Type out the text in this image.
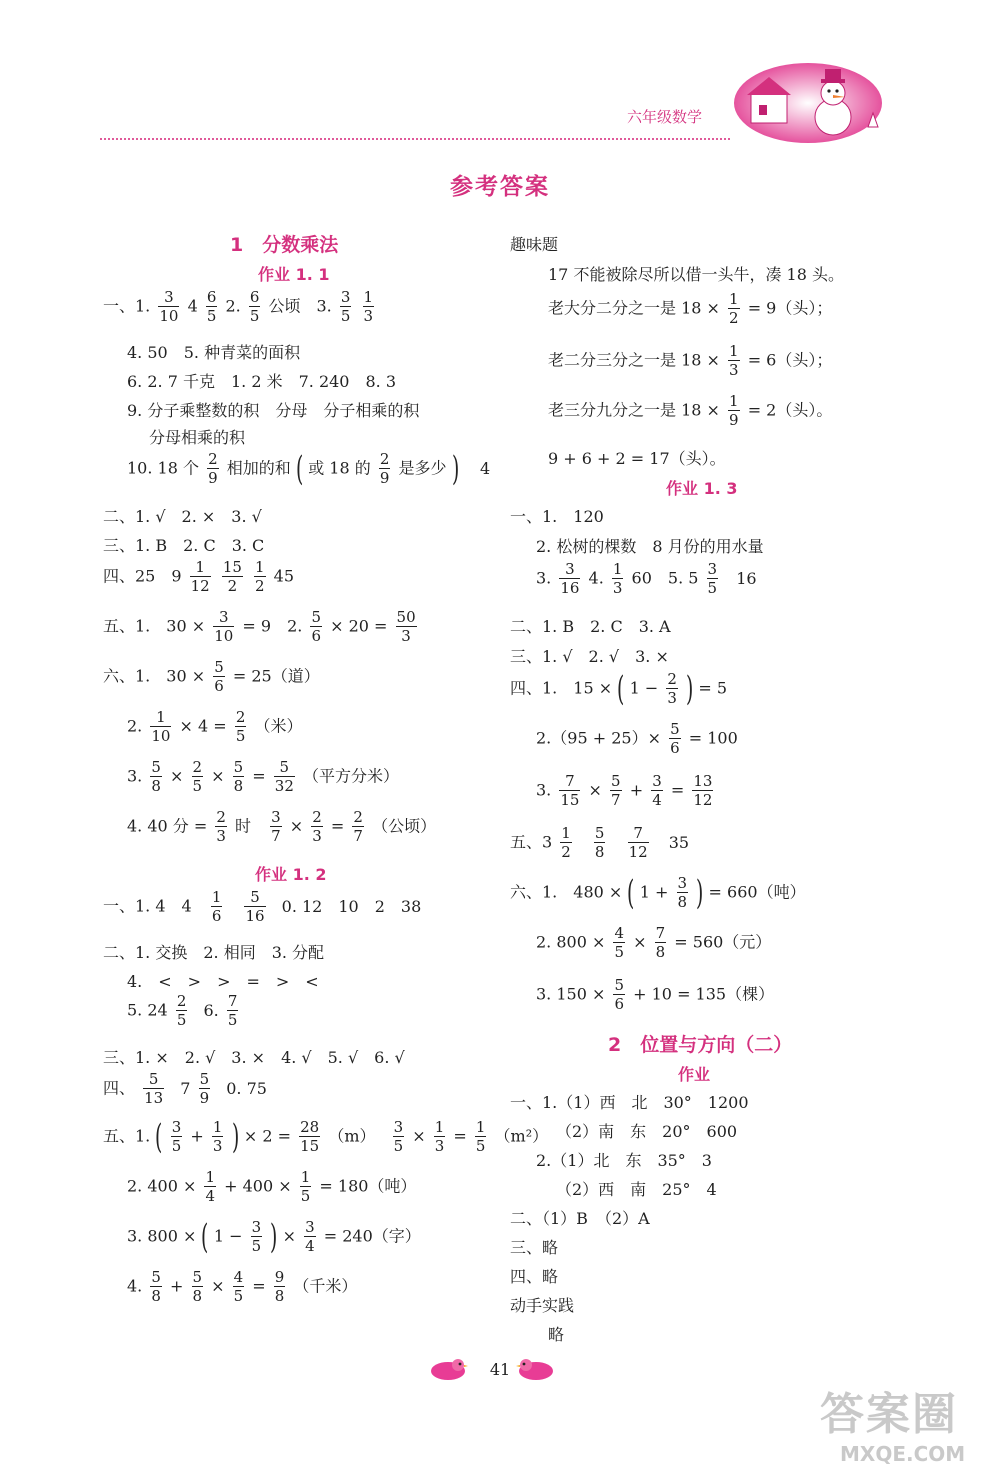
六年级数学
参考答案
1　分数乘法
作业 1. 1
一、1. $\frac{3}{10} 4 \frac{6}{5} 2$. $\frac{6}{5}$ 公顷　3. $\frac{3}{5}$
$\frac{1}{3}$
4. 50　5. 种青菜的面积
6. 2. 7 千克　1. 2 米　7. 240　8. 3
9. 分子乘整数的积　分母　分子相乘的积
分母相乘的积
10. 18 个 $\frac{2}{9}$ 相加的和 ( 或 18 的 $\frac{2}{9}$ 是多少 ) 4
二、1. √　2. ×　3. √
三、1. B　2. C　3. C
四、25　$9 \frac{1}{12}$
$\frac{15}{2}$
$\frac{1}{2} 45$
五、1.　$30 \times \frac{3}{10} = 9$　2. $\frac{5}{6} \times 20 = \frac{50}{3}$
六、1.　$30 \times \frac{5}{6} = 25$（道）
2. $\frac{1}{10} \times 4 = \frac{2}{5}$ （米）
3. $\frac{5}{8} \times \frac{2}{5} \times \frac{5}{8} = \frac{5}{32}$ （平方分米）
4. 40 分 = $\frac{2}{3}$ 时 $\frac{3}{7} \times \frac{2}{3} = \frac{2}{7}$ （公顷）
作业 1. 2
一、1. 4　$4 \frac{1}{6}$
$\frac{5}{16} 0$. 12　10　2　38
二、1. 交换　2. 相同　3. 分配
4.　<　>　>　=　>　<
5. $24 \frac{2}{5} 6$. $\frac{7}{5}$
三、1. ×　2. √　3. ×　4. √　5. √　6. √
四、 $\frac{5}{13} 7 \frac{5}{9} 0$. 75
五、1. ( $\frac{3}{5} + \frac{1}{3}$ ) × $2 = \frac{28}{15} (m) \frac{3}{5} \times \frac{1}{3} = \frac{1}{5} (m^2)$
2. $400 \times \frac{1}{4} + 400 \times \frac{1}{5} = 180$（吨）
3. 800 × ( $1 - \frac{3}{5}$ ) × $\frac{3}{4} = 240$（字）
4. $\frac{5}{8} + \frac{5}{8} \times \frac{4}{5} = \frac{9}{8}$ （千米）
趣味题
17 不能被除尽所以借一头牛，凑 18 头。
老大分二分之一是 $18 \times \frac{1}{2} = 9$（头）；
老二分三分之一是 $18 \times \frac{1}{3} = 6$（头）；
老三分九分之一是 $18 \times \frac{1}{9} = 2$（头）。
9 + 6 + 2 = 17（头）。
作业 1. 3
一、1.　120
2. 松树的棵数　8 月份的用水量
3. $\frac{3}{16} 4$. $\frac{1}{3} 60$　5. $5 \frac{3}{5} 16$
二、1. B　2. C　3. A
三、1. √　2. √　3. ×
四、1.　15 × ( $1 - \frac{2}{3}$ ) = 5
$2.(95 + 25)\times \frac{5}{6} = 100$
3. $\frac{7}{15} \times \frac{5}{7} + \frac{3}{4} = \frac{13}{12}$
五、$3 \frac{1}{2}$
$\frac{5}{8}$
$\frac{7}{12} 35$
六、1.　480 × ( $1 + \frac{3}{8}$ ) = 660（吨）
2. $800 \times \frac{4}{5} \times \frac{7}{8} = 560$（元）
3. $150 \times \frac{5}{6} + 10 = 135$（棵）
2　位置与方向（二）
作业
一、1.（1）西　北　30°　1200
（2）南　东　20°　600
2.（1）北　东　35°　3
（2）西　南　25°　4
二、（1）B　（2）A
三、略
四、略
动手实践
略
41
答案圈
MXQE.COM
